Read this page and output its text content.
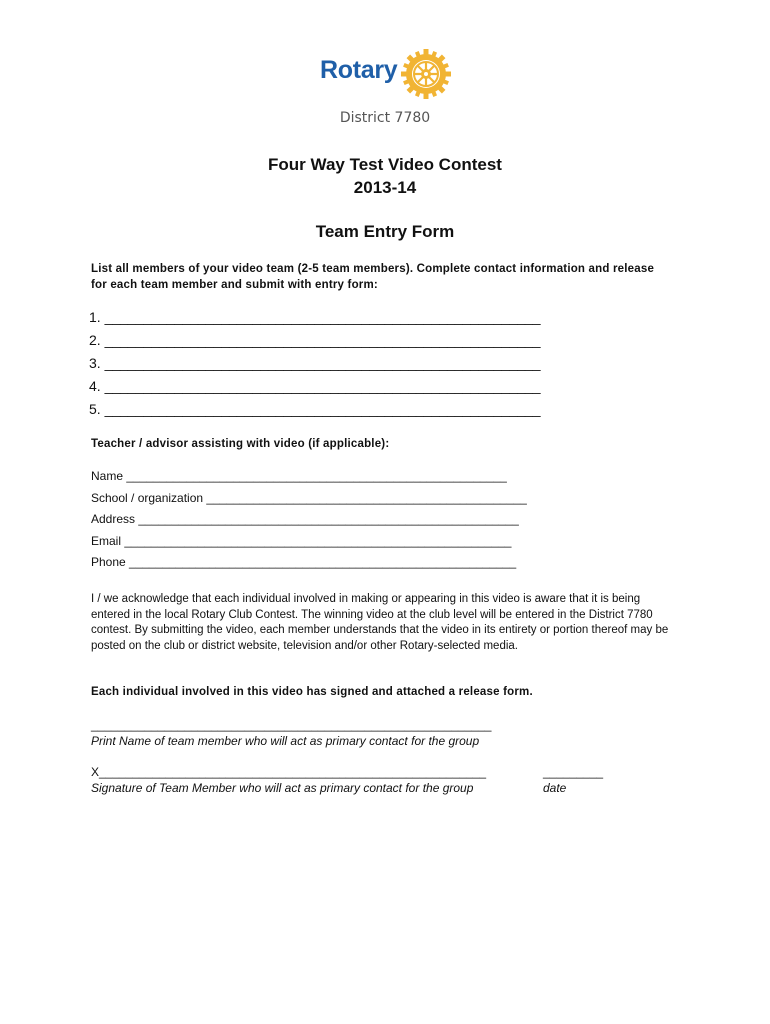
Rotary
District 7780
Four Way Test Video Contest
2013-14
Team Entry Form
List all members of your video team (2-5 team members). Complete contact information and release for each team member and submit with entry form:
1. ________________________________________________________
2. ________________________________________________________
3. ________________________________________________________
4. ________________________________________________________
5. ________________________________________________________
Teacher / advisor assisting with video (if applicable):
Name _________________________________________________________
School / organization ________________________________________________
Address _________________________________________________________
Email __________________________________________________________
Phone __________________________________________________________
I / we acknowledge that each individual involved in making or appearing in this video is aware that it is being entered in the local Rotary Club Contest. The winning video at the club level will be entered in the District 7780 contest. By submitting the video, each member understands that the video in its entirety or portion thereof may be posted on the club or district website, television and/or other Rotary-selected media.
Each individual involved in this video has signed and attached a release form.
____________________________________________________________
Print Name of team member who will act as primary contact for the group
X__________________________________________________________
Signature of Team Member who will act as primary contact for the group
_________
date
